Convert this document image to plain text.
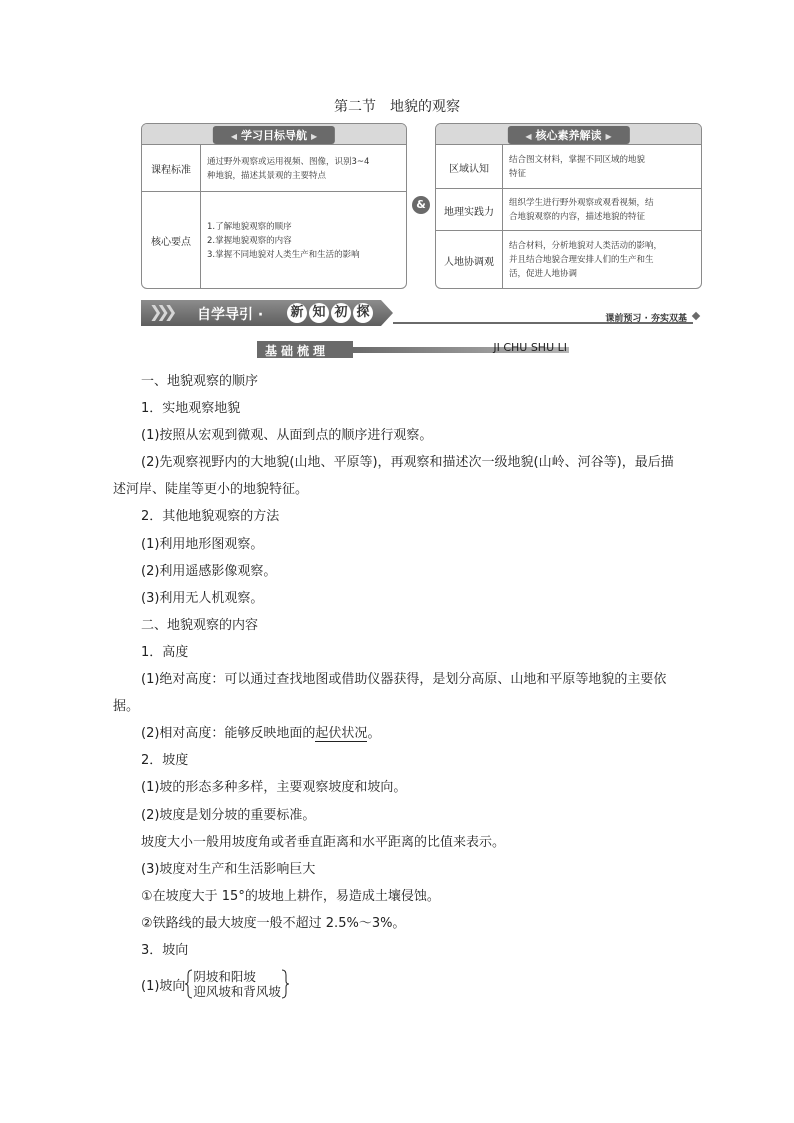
第二节　地貌的观察
◀ 学习目标导航 ▶
课程标准
通过野外观察或运用视频、图像，识别3~4
种地貌，描述其景观的主要特点
核心要点
1.了解地貌观察的顺序
2.掌握地貌观察的内容
3.掌握不同地貌对人类生产和生活的影响
&
◀ 核心素养解读 ▶
区域认知
结合图文材料，掌握不同区域的地貌
特征
地理实践力
组织学生进行野外观察或观看视频，结
合地貌观察的内容，描述地貌的特征
人地协调观
结合材料，分析地貌对人类活动的影响，
并且结合地貌合理安排人们的生产和生
活，促进人地协调
❯❯❯ 自学导引 · 新 知 初 探	课前预习 · 夯实双基
基础梳理	JI CHU SHU LI
一、地貌观察的顺序
1．实地观察地貌
(1)按照从宏观到微观、从面到点的顺序进行观察。
(2)先观察视野内的大地貌(山地、平原等)，再观察和描述次一级地貌(山岭、河谷等)，最后描述河岸、陡崖等更小的地貌特征。
2．其他地貌观察的方法
(1)利用地形图观察。
(2)利用遥感影像观察。
(3)利用无人机观察。
二、地貌观察的内容
1．高度
(1)绝对高度：可以通过查找地图或借助仪器获得，是划分高原、山地和平原等地貌的主要依据。
(2)相对高度：能够反映地面的起伏状况。
2．坡度
(1)坡的形态多种多样，主要观察坡度和坡向。
(2)坡度是划分坡的重要标准。
坡度大小一般用坡度角或者垂直距离和水平距离的比值来表示。
(3)坡度对生产和生活影响巨大
①在坡度大于 15°的坡地上耕作，易造成土壤侵蚀。
②铁路线的最大坡度一般不超过 2.5%～3%。
3．坡向
(1)坡向
阴坡和阳坡
迎风坡和背风坡
